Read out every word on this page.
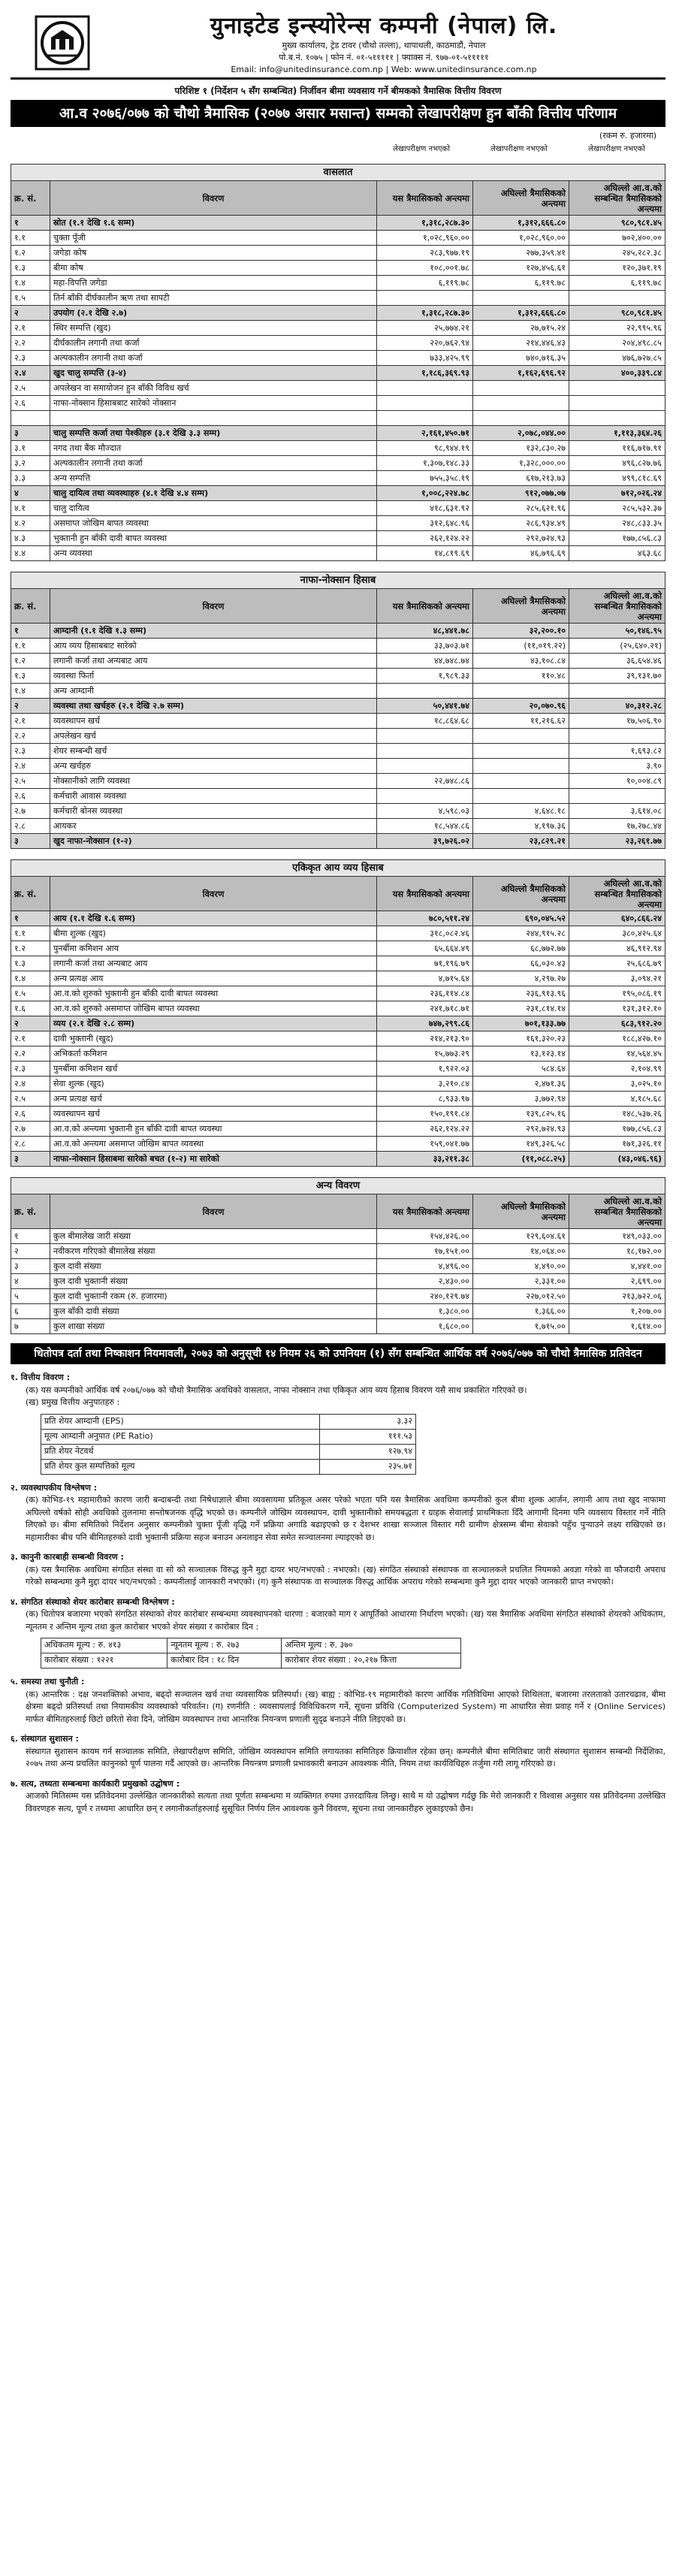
युनाइटेड इन्स्योरेन्स कम्पनी (नेपाल) लि.
मुख्य कार्यालय, ट्रेड टावर (चौथो तल्ला), थापाथली, काठमाडौं, नेपाल
पो.ब.नं. १०७५ | फोन नं. ०१-५१११११ | फ्याक्स नं. ९७७-०१-५१११११
Email: info@unitedinsurance.com.np | Web: www.unitedinsurance.com.np
परिशिष्ट १ (निर्देशन ५ सँग सम्बन्धित) निर्जीवन बीमा व्यवसाय गर्ने बीमकको त्रैमासिक वित्तीय विवरण
आ.व २०७६/०७७ को चौथो त्रैमासिक (२०७७ असार मसान्त) सम्मको लेखापरीक्षण हुन बाँकी वित्तीय परिणाम
(रकम रु. हजारमा)
लेखापरीक्षण नभएको	लेखापरीक्षण नभएको	लेखापरीक्षण नभएको
वासलात
क्र. सं.	विवरण	यस त्रैमासिकको अन्त्यमा	अघिल्लो त्रैमासिकको अन्त्यमा	अघिल्लो आ.व.को सम्बन्धित त्रैमासिकको अन्त्यमा
१	स्रोत (१.१ देखि १.६ सम्म)	१,३१८,२८७.३०	१,३१२,६६६.८०	९८०,९८१.४५
१.१	चुक्ता पूँजी	१,०२८,९६०.००	१,०२८,९६०.००	७०२,४००.००
१.२	जगेडा कोष	२८३,९७७.१९	२७७,३५९.४१	२४५,२८२.३८
१.३	बीमा कोष	१०८,००१.७८	१२७,४५६.६१	१२०,३७१.१९
१.४	महा-विपत्ति जगेडा	६,११९.७८	६,११९.७८	६,११९.७८
१.५	तिर्न बाँकी दीर्घकालीन ऋण तथा सापटी			
२	उपयोग (२.१ देखि २.७)	१,३१८,२८७.३०	१,३१२,६६६.८०	९८०,९८१.४५
२.१	स्थिर सम्पत्ति (खुद)	२५,७७४.२१	२७,७१५.२४	२२,९९५.९६
२.२	दीर्घकालीन लगानी तथा कर्जा	२२०,७६२.९४	२१४,४४६.४३	२०४,४९८.८५
२.३	अल्पकालीन लगानी तथा कर्जा	७३३,४२५.९९	७४०,७१६.३५	४७६,७२७.८५
२.४	खुद चालु सम्पत्ति (३-४)	१,१८६,३६९.९३	१,१६२,६९६.९२	४००,३३९.८४
२.५	अपलेखन वा समायोजन हुन बाँकी विविध खर्च			
२.६	नाफा-नोक्सान हिसाबबाट सारेको नोक्सान			

३	चालु सम्पत्ति कर्जा तथा पेश्कीहरु (३.१ देखि ३.३ सम्म)	२,१६१,४५०.७१	२,०७८,०४४.००	१,११३,३६४.२६
३.१	नगद तथा बैंक मौज्दात	९८,९४४.१९	१३२,८३०.२७	११६,७१७.९१
३.२	अल्पकालीन लगानी तथा कर्जा	१,३०७,१४८.३३	१,३२८,०००.००	४९६,८२७.७६
३.३	अन्य सम्पत्ति	७५५,३५८.१९	६१७,२१३.७३	४९९,८१८.६९
४	चालु दायित्व तथा व्यवस्थाहरु (४.१ देखि ४.४ सम्म)	१,००८,२२४.७८	९१२,०७७.०७	७१२,०२६.२४
४.१	चालु दायित्व	४१८,६३१.९२	२८५,६२१.९६	२८५,५३२.३७
४.२	असमाप्त जोखिम बापत व्यवस्था	३१२,६४८.९६	२८६,९३४.४९	२४८,८३३.३५
४.३	भुक्तानी हुन बाँकी दावी बापत व्यवस्था	२६२,१२४.२२	२९२,७२४.९३	१७७,८५६.८३
४.४	अन्य व्यवस्था	१४,८१९.६९	४६,७९६.६९	४६३.६८
नाफा-नोक्सान हिसाब
क्र. सं.	विवरण	यस त्रैमासिकको अन्त्यमा	अघिल्लो त्रैमासिकको अन्त्यमा	अघिल्लो आ.व.को सम्बन्धित त्रैमासिकको अन्त्यमा
१	आम्दानी (१.१ देखि १.३ सम्म)	४८,४४१.७८	३२,२००.१०	५०,१४६.९५
१.१	आय व्यय हिसाबबाट सारेको	३३,७०३.७१	(११,०१९.२२)	(२५,६४०.२१)
१.२	लगानी कर्जा तथा अन्यबाट आय	४४,७४८.७४	४३,१०८.८४	३६,६५४.४६
१.३	व्यवस्था फिर्ता	१,९८९.३३	११०.४८	३९,१३१.७०
१.४	अन्य आम्दानी			
२	व्यवस्था तथा खर्चहरु (२.१ देखि २.७ सम्म)	५०,४४१.७४	२०,०७०.९६	४०,३१२.२८
२.१	व्यवस्थापन खर्च	१८,८६४.६८	११,२१६.६२	१७,५०६.९०
२.२	अपलेखन खर्च			
२.३	शेयर सम्बन्धी खर्च			१,६९३.८२
२.४	अन्य खर्चहरु			३.९०
२.५	नोक्सानीको लागि व्यवस्था	२२,७४८.८६		१०,००४.८९
२.६	कर्मचारी आवास व्यवस्था			
२.७	कर्मचारी बोनस व्यवस्था	४,५९८.०३	४,६४८.१८	३,६१४.०८
२.८	आयकर	१८,५४४.८६	४,१९७.३६	१७,२७८.४४
३	खुद नाफा-नोक्सान (१-२)	३९,७२६.०२	२३,८२९.२१	२३,२६१.७७
एकिकृत आय व्यय हिसाब
क्र. सं.	विवरण	यस त्रैमासिकको अन्त्यमा	अघिल्लो त्रैमासिकको अन्त्यमा	अघिल्लो आ.व.को सम्बन्धित त्रैमासिकको अन्त्यमा
१	आय (१.१ देखि १.६ सम्म)	७८०,५११.२४	६९०,०४५.५२	६४०,८६६.२४
१.१	बीमा शुल्क (खुद)	३१८,०८२.४६	२४४,९१५.२८	३८०,४२५.६४
१.२	पुनर्बीमा कमिशन आय	६५,६६४.४९	६८,७७२.७७	४६,९१२.९४
१.३	लगानी कर्जा तथा अन्यबाट आय	७१,१९६.७९	६६,०३०.४३	२५,६८६.७९
१.४	अन्य प्रत्यक्ष आय	४,७१५.६४	४,२९७.२७	३,०९४.२१
१.५	आ.व.को शुरुको भुक्तानी हुन बाँकी दावी बापत व्यवस्था	२३६,११४.८४	२३६,९१३.९६	१९५,०८६.१९
१.६	आ.व.को शुरुको असमाप्त जोखिम बापत व्यवस्था	२४१,७१८.७१	२३१,८१४.१४	१३१,३१२.१०
२	व्यय (२.१ देखि २.८ सम्म)	७४७,२९९.८६	७०१,१३३.७७	६८३,९१२.२०
२.१	दावी भुक्तानी (खुद)	२१४,२१३.९०	१६१,३२०.२३	१८८,४२७.१०
२.२	अभिकर्ता कमिशन	१५,७७३.२९	१३,१२३.१४	१४,५६४.४५
२.३	पुनर्बीमा कमिशन खर्च	१,९२२.०३	५८४.६४	२,१०४.९९
२.४	सेवा शुल्क (खुद)	३,२१०.८४	२,४७१.३६	३,०२५.१०
२.५	अन्य प्रत्यक्ष खर्च	८,९३३.९७	३,७७२.९४	४,१८५.६८
२.६	व्यवस्थापन खर्च	१५०,१९१.८४	१३९,८२५.१६	१४८,५३७.२६
२.७	आ.व.को अन्त्यमा भुक्तानी हुन बाँकी दावी बापत व्यवस्था	२६२,१२४.२२	२९२,७२४.९३	१७७,८५६.८३
२.८	आ.व.को अन्त्यमा असमाप्त जोखिम बापत व्यवस्था	१५९,०४१.७७	१४९,३२६.५८	१७१,३२६.११
३	नाफा-नोक्सान हिसाबमा सारेको बचत (१-२) मा सारेको	३३,२११.३८	(११,०८८.२५)	(४३,०४६.९६)
अन्य विवरण
क्र. सं.	विवरण	यस त्रैमासिकको अन्त्यमा	अघिल्लो त्रैमासिकको अन्त्यमा	अघिल्लो आ.व.को सम्बन्धित त्रैमासिकको अन्त्यमा
१	कुल बीमालेख जारी संख्या	१५४,४२६.००	१२९,६०४.६१	१४९,०३३.००
२	नवीकरण गरिएको बीमालेख संख्या	१७,१५१.००	१४,०६४.००	१८,१७२.००
३	कुल दावी संख्या	४,४९६.००	४,४९०.००	४,४४१.००
४	कुल दावी भुक्तानी संख्या	२,४३०.००	२,३३१.००	२,६९९.००
५	कुल दावी भुक्तानी रकम (रु. हजारमा)	२४०,१२९.७४	२२७,०१२.५०	२१३,७२२.०६
६	कुल बाँकी दावी संख्या	१,३८०.००	१,३६६.००	१,२०७.००
७	कुल शाखा संख्या	१,६८०.००	१,७१५.००	१,६१४.००
धितोपत्र दर्ता तथा निष्काशन नियमावली, २०७३ को अनुसूची १४ नियम २६ को उपनियम (१) सँग सम्बन्धित आर्थिक वर्ष २०७६/०७७ को चौथो त्रैमासिक प्रतिवेदन
१. वित्तीय विवरण :
(क) यस कम्पनीको आर्थिक वर्ष २०७६/०७७ को चौथो त्रैमासिक अवधिको वासलात, नाफा नोक्सान तथा एकिकृत आय व्यय हिसाब विवरण यसै साथ प्रकाशित गरिएको छ।
(ख) प्रमुख वित्तीय अनुपातहरु :
प्रति शेयर आम्दानी (EPS)	३.३२
मूल्य आम्दानी अनुपात (PE Ratio)	१११.५३
प्रति शेयर नेटवर्थ	१२७.९४
प्रति शेयर कुल सम्पत्तिको मूल्य	२३५.७१
२. व्यवस्थापकीय विश्लेषण :
(क) कोभिड-१९ महामारीको कारण जारी बन्दाबन्दी तथा निषेधाज्ञाले बीमा व्यवसायमा प्रतिकूल असर परेको भएता पनि यस त्रैमासिक अवधिमा कम्पनीको कुल बीमा शुल्क आर्जन, लगानी आय तथा खुद नाफामा अघिल्लो वर्षको सोही अवधिको तुलनामा सन्तोषजनक वृद्धि भएको छ। कम्पनीले जोखिम व्यवस्थापन, दावी भुक्तानीको समयबद्धता र ग्राहक सेवालाई प्राथमिकता दिँदै आगामी दिनमा पनि व्यवसाय विस्तार गर्ने नीति लिएको छ। बीमा समितिको निर्देशन अनुसार कम्पनीको चुक्ता पूँजी वृद्धि गर्ने प्रक्रिया अगाडि बढाइएको छ र देशभर शाखा सञ्जाल विस्तार गरी ग्रामीण क्षेत्रसम्म बीमा सेवाको पहुँच पुर्‍याउने लक्ष्य राखिएको छ। महामारीका बीच पनि बीमितहरुको दावी भुक्तानी प्रक्रिया सहज बनाउन अनलाइन सेवा समेत सञ्चालनमा ल्याइएको छ।
३. कानुनी कारबाही सम्बन्धी विवरण :
(क) यस त्रैमासिक अवधिमा संगठित संस्था वा सो को सञ्चालक विरुद्ध कुनै मुद्दा दायर भए/नभएको : नभएको। (ख) संगठित संस्थाको संस्थापक वा सञ्चालकले प्रचलित नियमको अवज्ञा गरेको वा फौजदारी अपराध गरेको सम्बन्धमा कुनै मुद्दा दायर भए/नभएको : कम्पनीलाई जानकारी नभएको। (ग) कुनै संस्थापक वा सञ्चालक विरुद्ध आर्थिक अपराध गरेको सम्बन्धमा कुनै मुद्दा दायर भएको जानकारी प्राप्त नभएको।
४. संगठित संस्थाको शेयर कारोबार सम्बन्धी विश्लेषण :
(क) धितोपत्र बजारमा भएको संगठित संस्थाको शेयर कारोबार सम्बन्धमा व्यवस्थापनको धारणा : बजारको माग र आपूर्तिको आधारमा निर्धारण भएको। (ख) यस त्रैमासिक अवधिमा संगठित संस्थाको शेयरको अधिकतम, न्यूनतम र अन्तिम मूल्य तथा कुल कारोबार भएको शेयर संख्या र कारोबार दिन :
अधिकतम मूल्य : रु. ४१३	न्यूनतम मूल्य : रु. २७३	अन्तिम मूल्य : रु. ३७०
कारोबार संख्या : १२२१	कारोबार दिन : १८ दिन	कारोबार शेयर संख्या : २०,२१७ कित्ता
५. समस्या तथा चुनौती :
(क) आन्तरिक : दक्ष जनशक्तिको अभाव, बढ्दो सञ्चालन खर्च तथा व्यवसायिक प्रतिस्पर्धा। (ख) बाह्य : कोभिड-१९ महामारीको कारण आर्थिक गतिविधिमा आएको शिथिलता, बजारमा तरलताको उतारचढाव, बीमा क्षेत्रमा बढ्दो प्रतिस्पर्धा तथा नियामकीय व्यवस्थाको परिवर्तन। (ग) रणनीति : व्यवसायलाई विविधिकरण गर्ने, सूचना प्रविधि (Computerized System) मा आधारित सेवा प्रवाह गर्ने र (Online Services) मार्फत बीमितहरुलाई छिटो छरितो सेवा दिने, जोखिम व्यवस्थापन तथा आन्तरिक नियन्त्रण प्रणाली सुदृढ बनाउने नीति लिइएको छ।
६. संस्थागत सुशासन :
संस्थागत सुशासन कायम गर्न सञ्चालक समिति, लेखापरीक्षण समिति, जोखिम व्यवस्थापन समिति लगायतका समितिहरु क्रियाशील रहेका छन्। कम्पनीले बीमा समितिबाट जारी संस्थागत सुशासन सम्बन्धी निर्देशिका, २०७५ तथा अन्य प्रचलित कानुनको पूर्ण पालना गर्दै आएको छ। आन्तरिक नियन्त्रण प्रणाली प्रभावकारी बनाउन आवश्यक नीति, नियम तथा कार्यविधिहरु तर्जुमा गरी लागू गरिएको छ।
७. सत्य, तथ्यता सम्बन्धमा कार्यकारी प्रमुखको उद्घोषण :
आजको मितिसम्म यस प्रतिवेदनमा उल्लेखित जानकारीको सत्यता तथा पूर्णता सम्बन्धमा म व्यक्तिगत रुपमा उत्तरदायित्व लिन्छु। साथै म यो उद्घोषण गर्दछु कि मेरो जानकारी र विश्वास अनुसार यस प्रतिवेदनमा उल्लेखित विवरणहरु सत्य, पूर्ण र तथ्यमा आधारित छन् र लगानीकर्ताहरुलाई सुसूचित निर्णय लिन आवश्यक कुनै विवरण, सूचना तथा जानकारीहरु लुकाइएको छैन।
